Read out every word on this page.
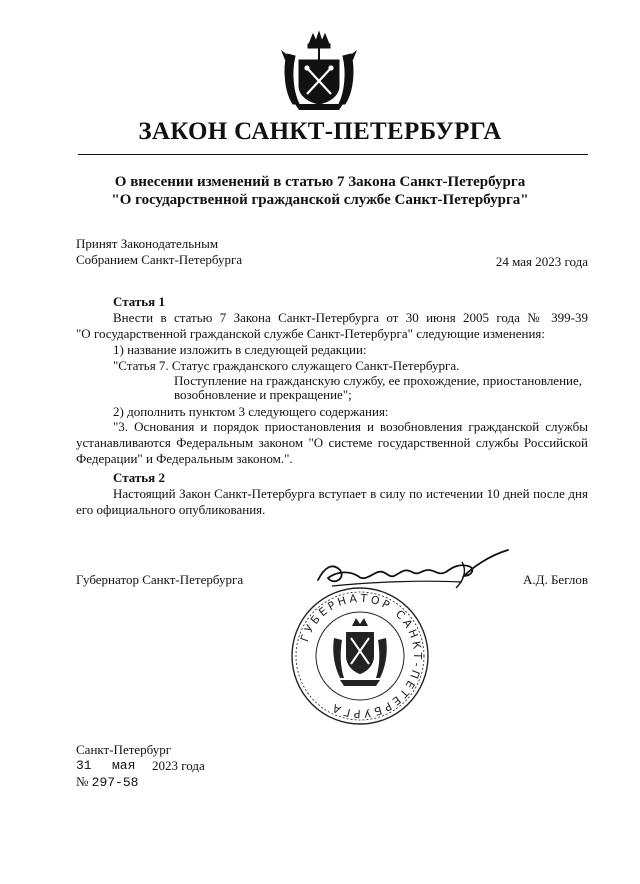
ЗАКОН САНКТ-ПЕТЕРБУРГА
О внесении изменений в статью 7 Закона Санкт-Петербурга
"О государственной гражданской службе Санкт-Петербурга"
Принят Законодательным
Собранием Санкт-Петербурга	24 мая 2023 года
Статья 1
Внести в статью 7 Закона Санкт-Петербурга от 30 июня 2005 года № 399-39
"О государственной гражданской службе Санкт-Петербурга" следующие изменения:
1) название изложить в следующей редакции:
"Статья 7. Статус гражданского служащего Санкт-Петербурга.
Поступление на гражданскую службу, ее прохождение, приостановление,
возобновление и прекращение";
2) дополнить пунктом 3 следующего содержания:
"3. Основания и порядок приостановления и возобновления гражданской службы
устанавливаются Федеральным законом "О системе государственной службы Российской
Федерации" и Федеральным законом.".
Статья 2
Настоящий Закон Санкт-Петербурга вступает в силу по истечении 10 дней после дня
его официального опубликования.
Губернатор Санкт-Петербурга	А.Д. Беглов
ГУБЕРНАТОР САНКТ-ПЕТЕРБУРГА
Санкт-Петербург
31 мая 2023 года
№ 297-58
